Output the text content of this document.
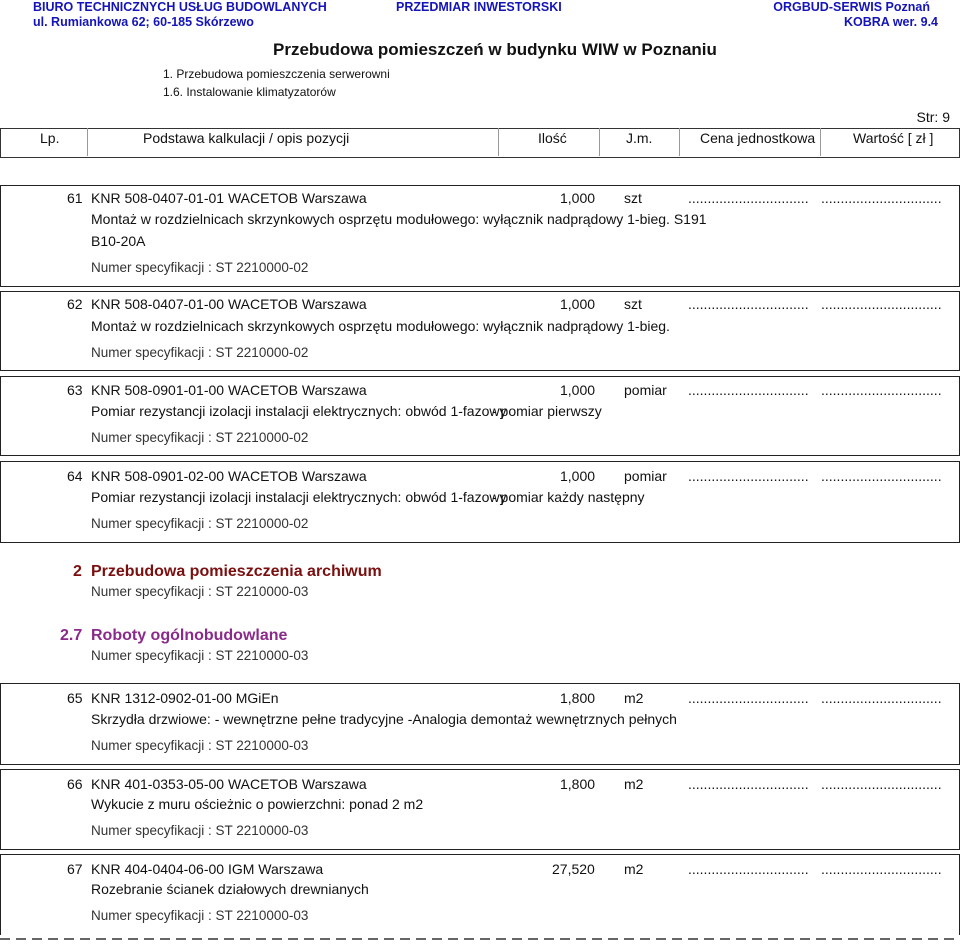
BIURO TECHNICZNYCH USŁUG BUDOWLANYCH
ul. Rumiankowa 62; 60-185 Skórzewo
PRZEDMIAR INWESTORSKI	ORGBUD-SERWIS Poznań
KOBRA wer. 9.4
Przebudowa pomieszczeń w budynku WIW w Poznaniu
1. Przebudowa pomieszczenia serwerowni
1.6. Instalowanie klimatyzatorów
Str: 9
Lp.	Podstawa kalkulacji / opis pozycji	Ilość	J.m.	Cena jednostkowa	Wartość [ zł ]
61 KNR 508-0407-01-01 WACETOB Warszawa	1,000 szt	............................... ...............................
Montaż w rozdzielnicach skrzynkowych osprzętu modułowego: wyłącznik nadprądowy 1-bieg. S191
B10-20A
Numer specyfikacji : ST 2210000-02
62 KNR 508-0407-01-00 WACETOB Warszawa	1,000 szt	............................... ...............................
Montaż w rozdzielnicach skrzynkowych osprzętu modułowego: wyłącznik nadprądowy 1-bieg.
Numer specyfikacji : ST 2210000-02
63 KNR 508-0901-01-00 WACETOB Warszawa	1,000 pomiar ............................... ...............................
Pomiar rezystancji izolacji instalacji elektrycznych: obwód 1-fazowy
- pomiar pierwszy
Numer specyfikacji : ST 2210000-02
64 KNR 508-0901-02-00 WACETOB Warszawa	1,000 pomiar ............................... ...............................
Pomiar rezystancji izolacji instalacji elektrycznych: obwód 1-fazowy
- pomiar każdy następny
Numer specyfikacji : ST 2210000-02
2 Przebudowa pomieszczenia archiwum
Numer specyfikacji : ST 2210000-03
2.7 Roboty ogólnobudowlane
Numer specyfikacji : ST 2210000-03
65 KNR 1312-0902-01-00 MGiEn	1,800 m2	............................... ...............................
Skrzydła drzwiowe: - wewnętrzne pełne tradycyjne -Analogia demontaż wewnętrznych pełnych
Numer specyfikacji : ST 2210000-03
66 KNR 401-0353-05-00 WACETOB Warszawa	1,800 m2	............................... ...............................
Wykucie z muru ościeżnic o powierzchni: ponad 2 m2
Numer specyfikacji : ST 2210000-03
67 KNR 404-0404-06-00 IGM Warszawa	27,520 m2	............................... ...............................
Rozebranie ścianek działowych drewnianych
Numer specyfikacji : ST 2210000-03
